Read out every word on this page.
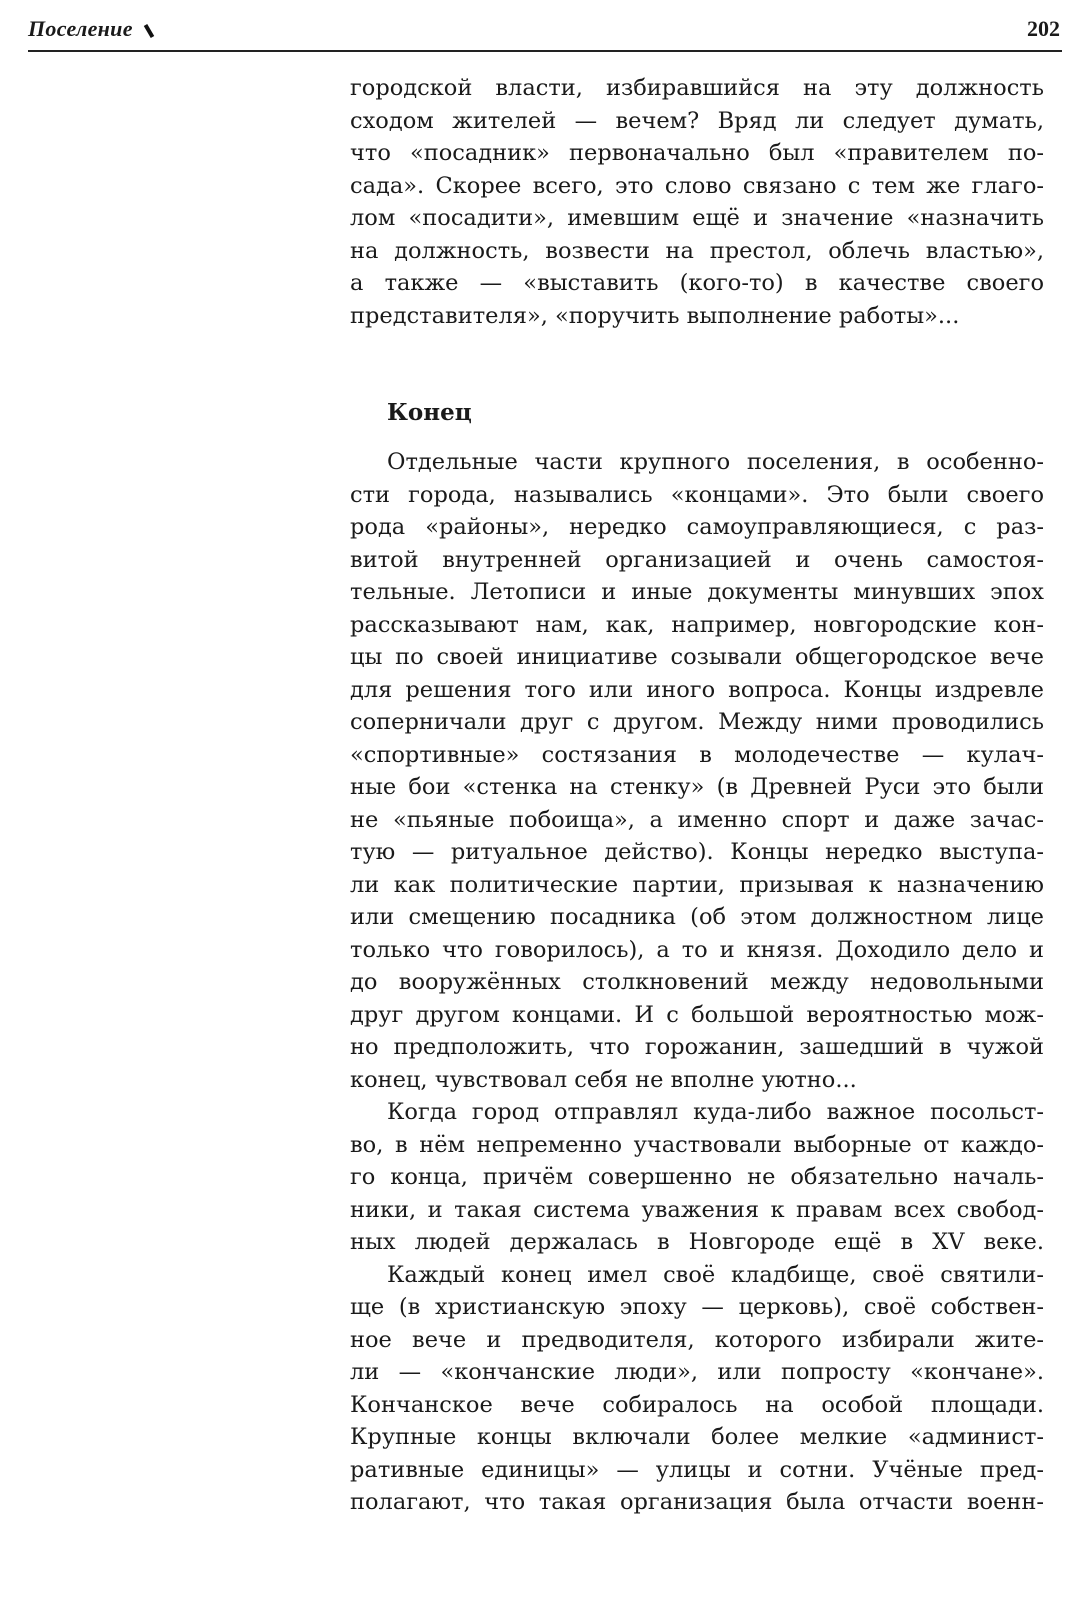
Поселение	202
городской власти, избиравшийся на эту должность
сходом жителей — вечем? Вряд ли следует думать,
что «посадник» первоначально был «правителем по-
сада». Скорее всего, это слово связано с тем же глаго-
лом «посадити», имевшим ещё и значение «назначить
на должность, возвести на престол, облечь властью»,
а также — «выставить (кого-то) в качестве своего
представителя», «поручить выполнение работы»...
Конец
Отдельные части крупного поселения, в особенно-
сти города, назывались «концами». Это были своего
рода «районы», нередко самоуправляющиеся, с раз-
витой внутренней организацией и очень самостоя-
тельные. Летописи и иные документы минувших эпох
рассказывают нам, как, например, новгородские кон-
цы по своей инициативе созывали общегородское вече
для решения того или иного вопроса. Концы издревле
соперничали друг с другом. Между ними проводились
«спортивные» состязания в молодечестве — кулач-
ные бои «стенка на стенку» (в Древней Руси это были
не «пьяные побоища», а именно спорт и даже зачас-
тую — ритуальное действо). Концы нередко выступа-
ли как политические партии, призывая к назначению
или смещению посадника (об этом должностном лице
только что говорилось), а то и князя. Доходило дело и
до вооружённых столкновений между недовольными
друг другом концами. И с большой вероятностью мож-
но предположить, что горожанин, зашедший в чужой
конец, чувствовал себя не вполне уютно...
Когда город отправлял куда-либо важное посольст-
во, в нём непременно участвовали выборные от каждо-
го конца, причём совершенно не обязательно началь-
ники, и такая система уважения к правам всех свобод-
ных людей держалась в Новгороде ещё в XV веке.
Каждый конец имел своё кладбище, своё святили-
ще (в христианскую эпоху — церковь), своё собствен-
ное вече и предводителя, которого избирали жите-
ли — «кончанские люди», или попросту «кончане».
Кончанское вече собиралось на особой площади.
Крупные концы включали более мелкие «админист-
ративные единицы» — улицы и сотни. Учёные пред-
полагают, что такая организация была отчасти военн-
